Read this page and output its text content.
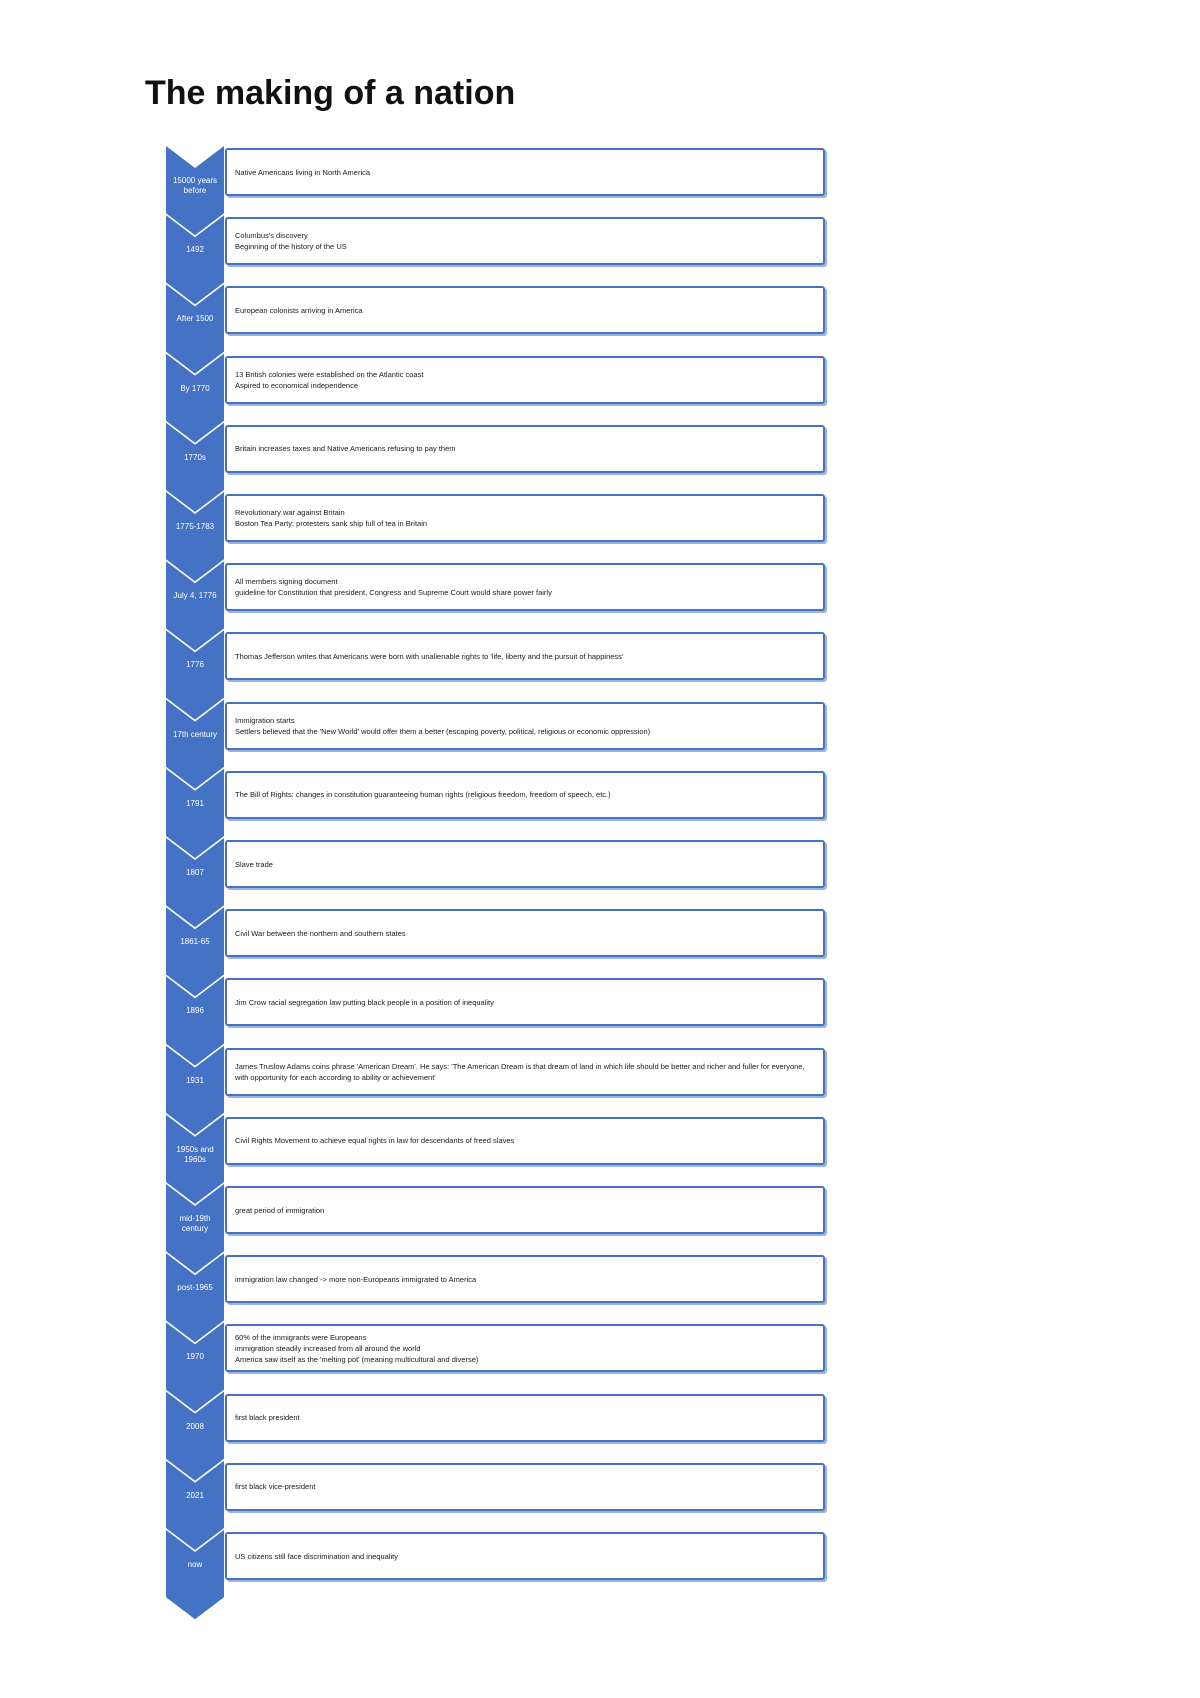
The making of a nation
15000 years before
Native Americans living in North America
1492
Columbus's discovery
Beginning of the history of the US
After 1500
European colonists arriving in America
By 1770
13 British colonies were established on the Atlantic coast
Aspired to economical independence
1770s
Britain increases taxes and Native Americans refusing to pay them
1775-1783
Revolutionary war against Britain
Boston Tea Party: protesters sank ship full of tea in Britain
July 4, 1776
All members signing document
guideline for Constitution that president, Congress and Supreme Court would share power fairly
1776
Thomas Jefferson writes that Americans were born with unalienable rights to 'life, liberty and the pursuit of happiness'
17th century
Immigration starts
Settlers believed that the 'New World' would offer them a better (escaping poverty, political, religious or economic oppression)
1791
The Bill of Rights: changes in constitution guaranteeing human rights (religious freedom, freedom of speech, etc.)
1807
Slave trade
1861-65
Civil War between the northern and southern states
1896
Jim Crow racial segregation law putting black people in a position of inequality
1931
James Truslow Adams coins phrase 'American Dream'. He says: 'The American Dream is that dream of land in which life should be better and richer and fuller for everyone, with opportunity for each according to ability or achievement'
1950s and 1960s
Civil Rights Movement to achieve equal rights in law for descendants of freed slaves
mid-19th century
great period of immigration
post-1965
immigration law changed -> more non-Europeans immigrated to America
1970
60% of the immigrants were Europeans
immigration steadily increased from all around the world
America saw itself as the 'melting pot' (meaning multicultural and diverse)
2008
first black president
2021
first black vice-president
now
US citizens still face discrimination and inequality
